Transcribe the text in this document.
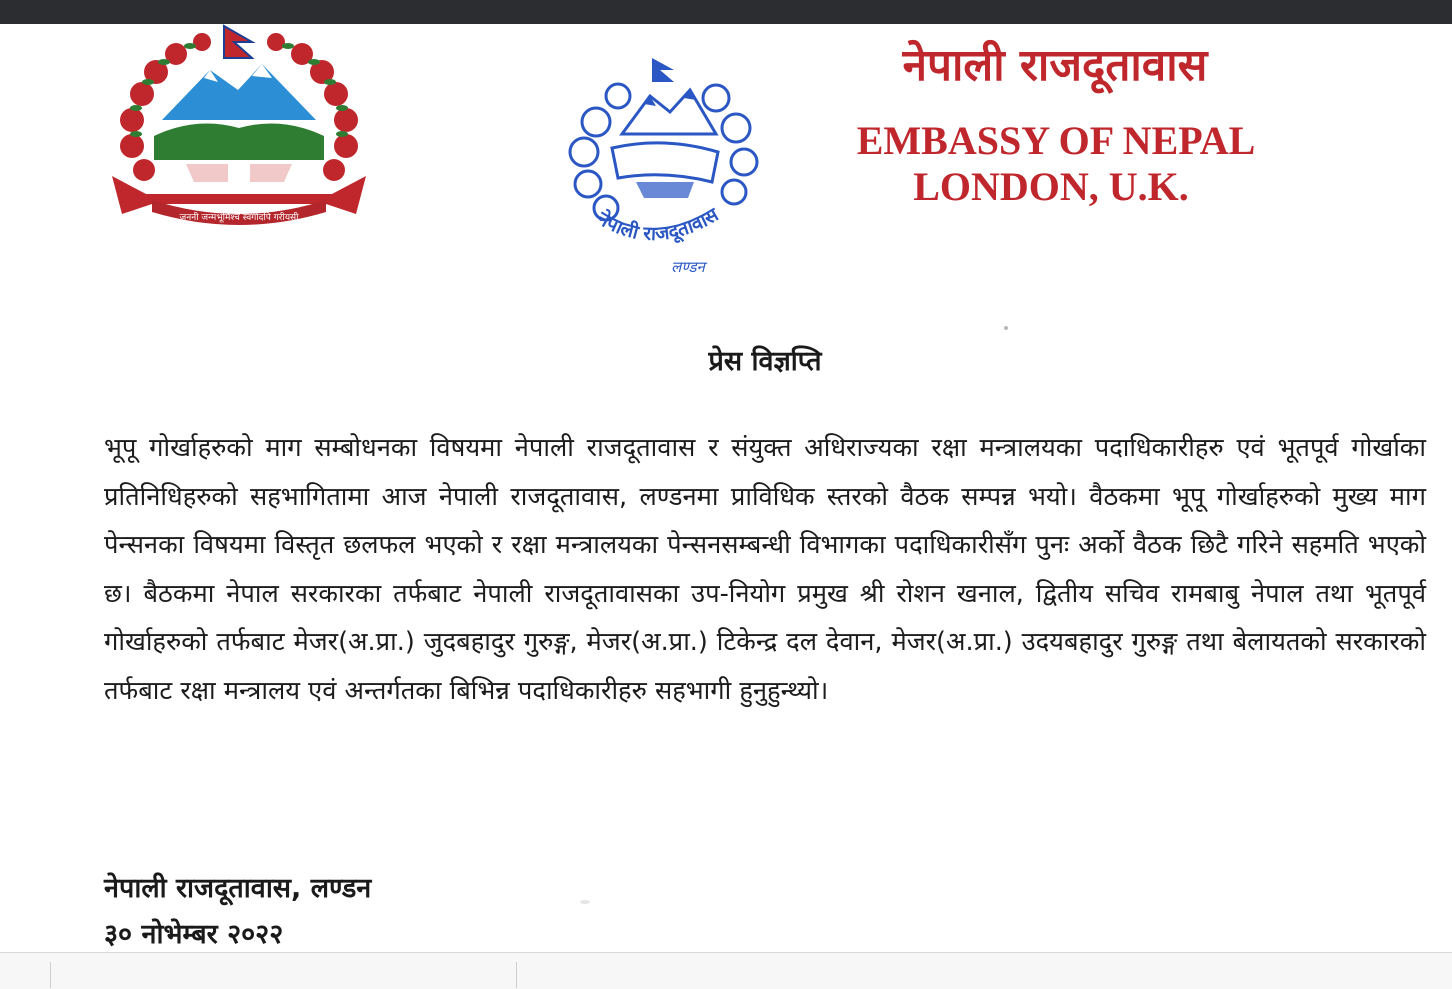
जननी जन्मभूमिश्च स्वर्गादपि गरीयसी	नेपाली राजदूतावास
लण्डन
नेपाली राजदूतावास
EMBASSY OF NEPAL
LONDON, U.K.
प्रेस विज्ञप्ति

भूपू गोर्खाहरुको माग सम्बोधनका विषयमा नेपाली राजदूतावास र संयुक्त अधिराज्यका रक्षा मन्त्रालयका पदाधिकारीहरु एवं भूतपूर्व गोर्खाका प्रतिनिधिहरुको सहभागितामा आज नेपाली राजदूतावास, लण्डनमा प्राविधिक स्तरको वैठक सम्पन्न भयो। वैठकमा भूपू गोर्खाहरुको मुख्य माग पेन्सनका विषयमा विस्तृत छलफल भएको र रक्षा मन्त्रालयका पेन्सनसम्बन्धी विभागका पदाधिकारीसँग पुनः अर्को वैठक छिटै गरिने सहमति भएको छ। बैठकमा नेपाल सरकारका तर्फबाट नेपाली राजदूतावासका उप-नियोग प्रमुख श्री रोशन खनाल, द्वितीय सचिव रामबाबु नेपाल तथा भूतपूर्व गोर्खाहरुको तर्फबाट मेजर(अ.प्रा.) जुदबहादुर गुरुङ्ग, मेजर(अ.प्रा.) टिकेन्द्र दल देवान, मेजर(अ.प्रा.) उदयबहादुर गुरुङ्ग तथा बेलायतको सरकारको तर्फबाट रक्षा मन्त्रालय एवं अन्तर्गतका बिभिन्न पदाधिकारीहरु सहभागी हुनुहुन्थ्यो।

नेपाली राजदूतावास, लण्डन
३० नोभेम्बर २०२२
